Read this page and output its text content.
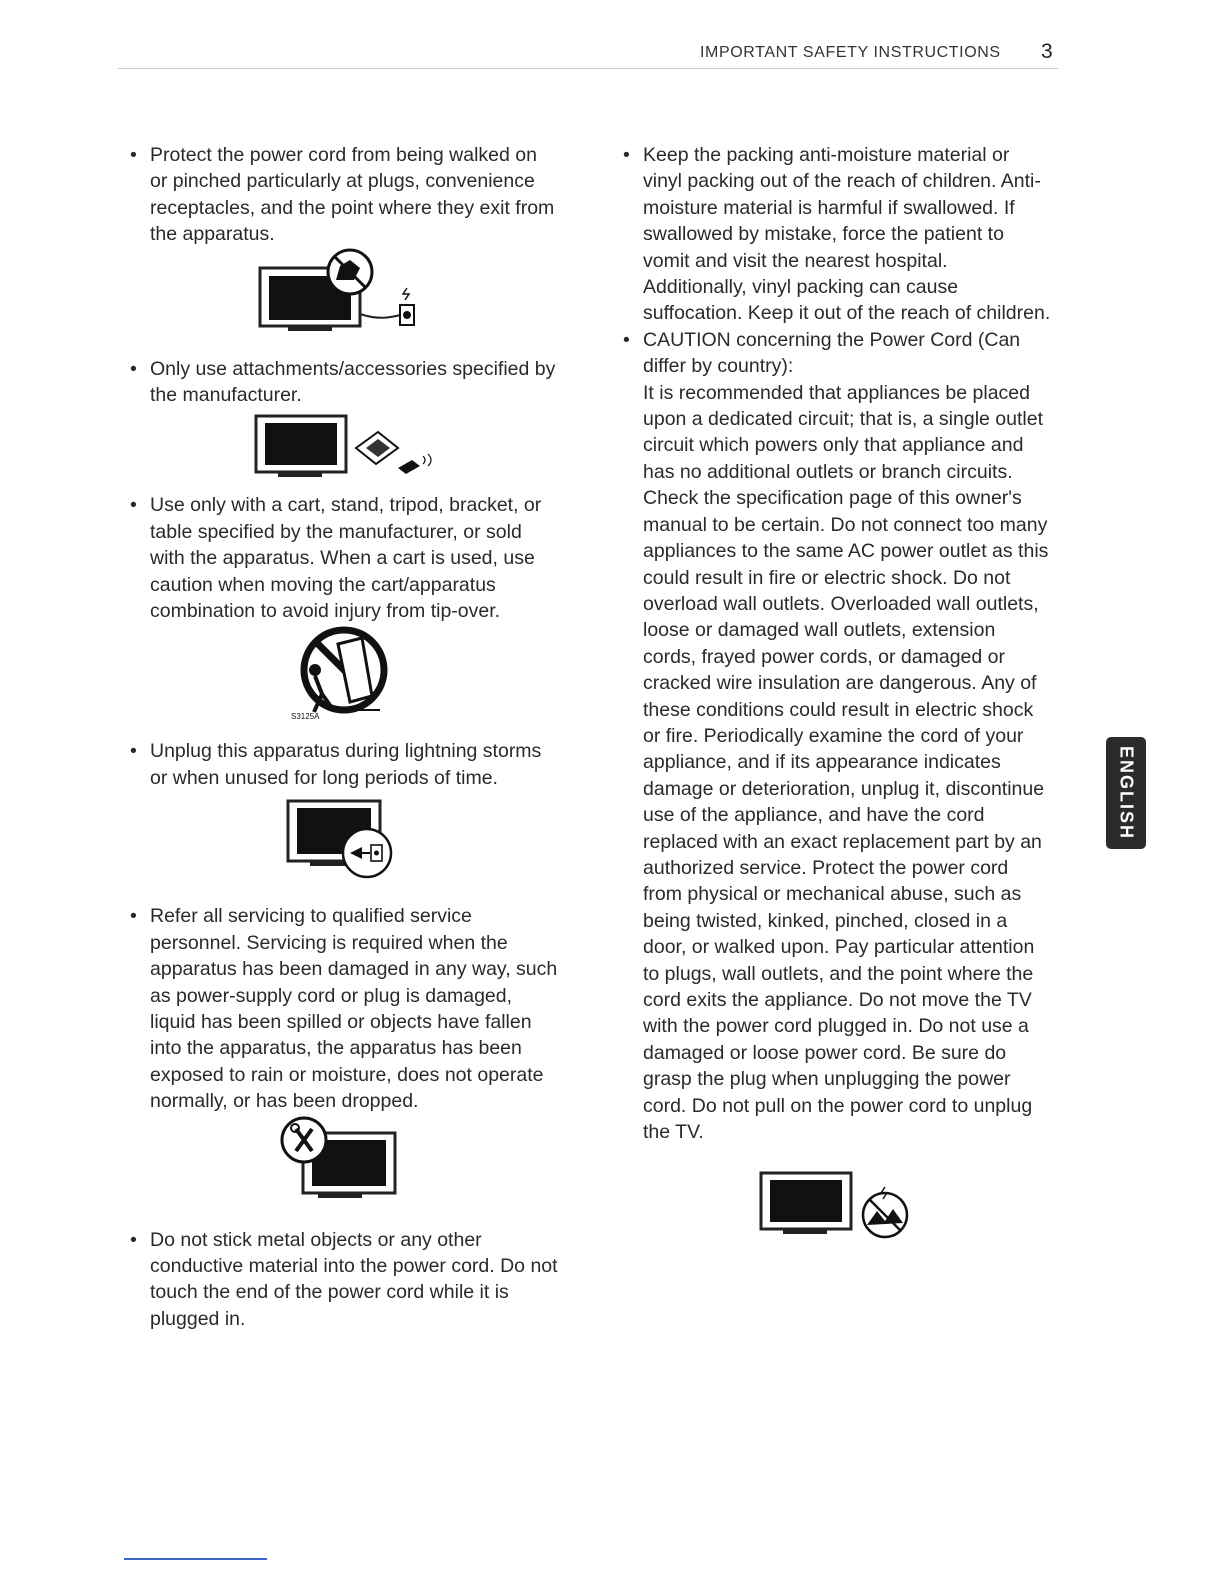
IMPORTANT SAFETY INSTRUCTIONS 3
• Protect the power cord from being walked on or pinched particularly at plugs, convenience receptacles, and the point where they exit from the apparatus.

• Only use attachments/accessories specified by the manufacturer.

• Use only with a cart, stand, tripod, bracket, or table specified by the manufacturer, or sold with the apparatus. When a cart is used, use caution when moving the cart/apparatus combination to avoid injury from tip-over.

S3125A
• Unplug this apparatus during lightning storms or when unused for long periods of time.

• Refer all servicing to qualified service personnel. Servicing is required when the apparatus has been damaged in any way, such as power-supply cord or plug is damaged, liquid has been spilled or objects have fallen into the apparatus, the apparatus has been exposed to rain or moisture, does not operate normally, or has been dropped.

• Do not stick metal objects or any other conductive material into the power cord. Do not touch the end of the power cord while it is plugged in.

• Keep the packing anti-moisture material or vinyl packing out of the reach of children. Anti-moisture material is harmful if swallowed. If swallowed by mistake, force the patient to vomit and visit the nearest hospital. Additionally, vinyl packing can cause suffocation. Keep it out of the reach of children.

• CAUTION concerning the Power Cord (Can differ by country):

It is recommended that appliances be placed upon a dedicated circuit; that is, a single outlet circuit which powers only that appliance and has no additional outlets or branch circuits. Check the specification page of this owner's manual to be certain. Do not connect too many appliances to the same AC power outlet as this could result in fire or electric shock. Do not overload wall outlets. Overloaded wall outlets, loose or damaged wall outlets, extension cords, frayed power cords, or damaged or cracked wire insulation are dangerous. Any of these conditions could result in electric shock or fire. Periodically examine the cord of your appliance, and if its appearance indicates damage or deterioration, unplug it, discontinue use of the appliance, and have the cord replaced with an exact replacement part by an authorized service. Protect the power cord from physical or mechanical abuse, such as being twisted, kinked, pinched, closed in a door, or walked upon. Pay particular attention to plugs, wall outlets, and the point where the cord exits the appliance. Do not move the TV with the power cord plugged in. Do not use a damaged or loose power cord. Be sure do grasp the plug when unplugging the power cord. Do not pull on the power cord to unplug the TV.

ENGLISH
